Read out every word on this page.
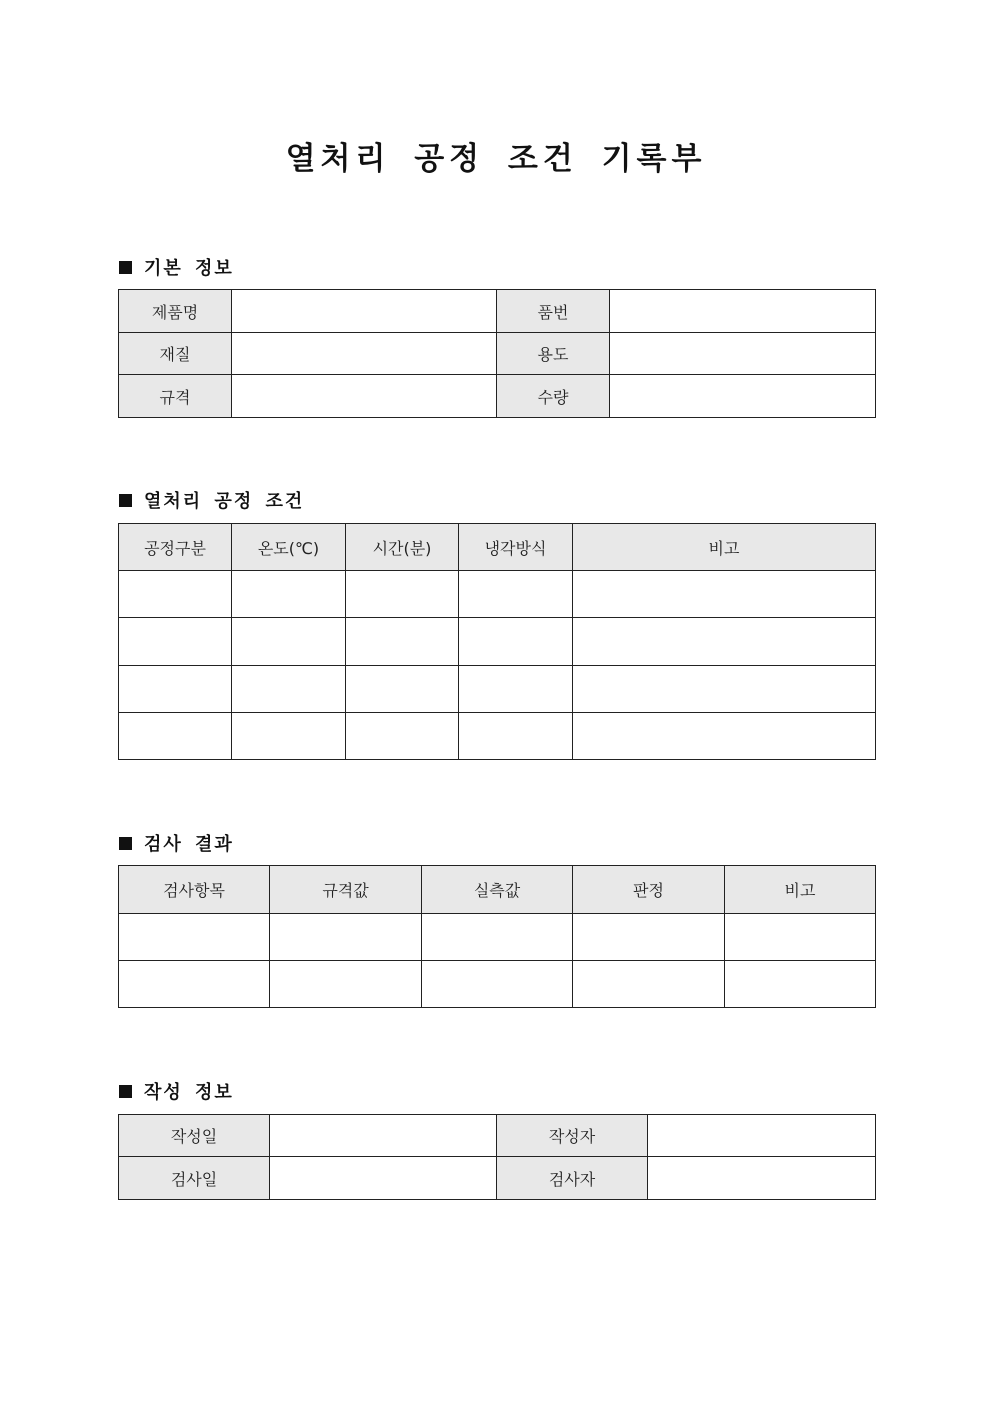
열처리 공정 조건 기록부
기본 정보
제품명		품번	
재질		용도	
규격		수량	
열처리 공정 조건
공정구분	온도(℃)	시간(분)	냉각방식	비고

검사 결과
검사항목	규격값	실측값	판정	비고

작성 정보
작성일		작성자	
검사일		검사자	
